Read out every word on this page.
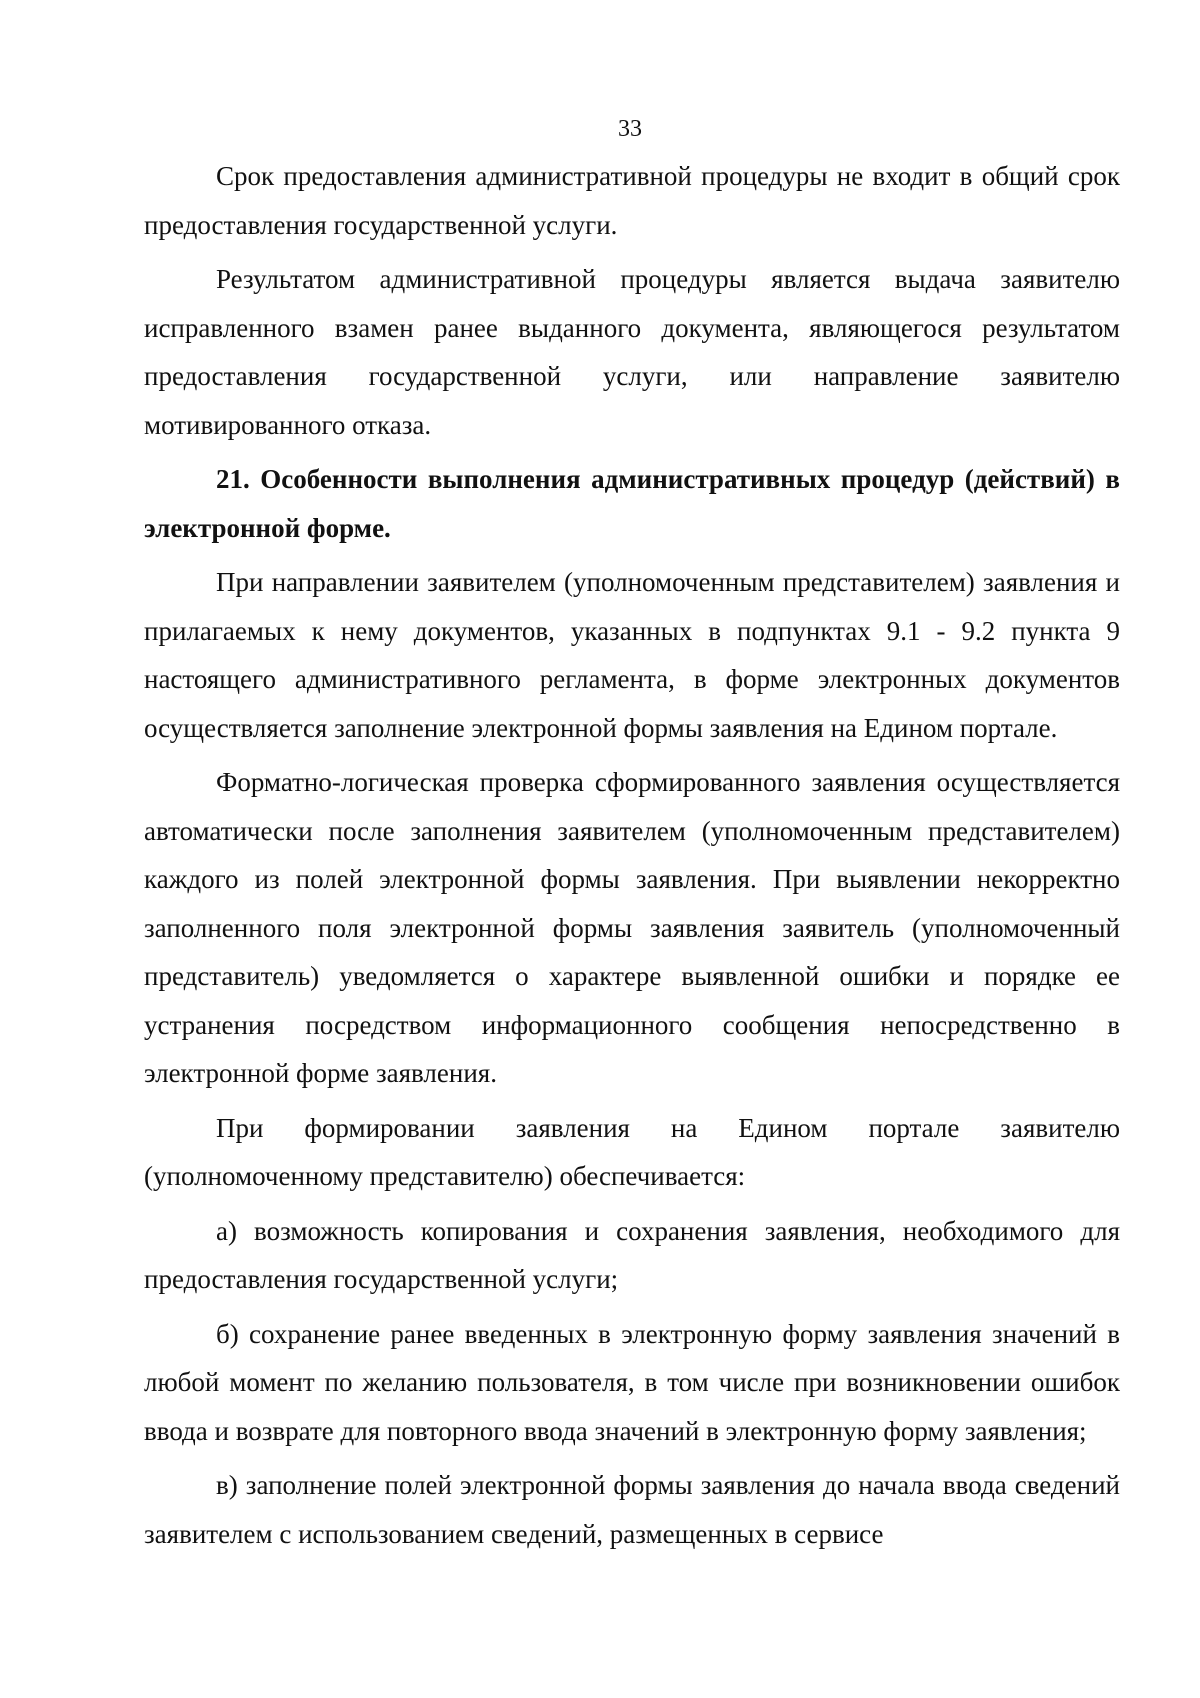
33

Срок предоставления административной процедуры не входит в общий срок предоставления государственной услуги.

Результатом административной процедуры является выдача заявителю исправленного взамен ранее выданного документа, являющегося результатом предоставления государственной услуги, или направление заявителю мотивированного отказа.

21. Особенности выполнения административных процедур (действий) в электронной форме.

При направлении заявителем (уполномоченным представителем) заявления и прилагаемых к нему документов, указанных в подпунктах 9.1 - 9.2 пункта 9 настоящего административного регламента, в форме электронных документов осуществляется заполнение электронной формы заявления на Едином портале.

Форматно-логическая проверка сформированного заявления осуществляется автоматически после заполнения заявителем (уполномоченным представителем) каждого из полей электронной формы заявления. При выявлении некорректно заполненного поля электронной формы заявления заявитель (уполномоченный представитель) уведомляется о характере выявленной ошибки и порядке ее устранения посредством информационного сообщения непосредственно в электронной форме заявления.

При формировании заявления на Едином портале заявителю (уполномоченному представителю) обеспечивается:

а) возможность копирования и сохранения заявления, необходимого для предоставления государственной услуги;

б) сохранение ранее введенных в электронную форму заявления значений в любой момент по желанию пользователя, в том числе при возникновении ошибок ввода и возврате для повторного ввода значений в электронную форму заявления;

в) заполнение полей электронной формы заявления до начала ввода сведений заявителем с использованием сведений, размещенных в сервисе
